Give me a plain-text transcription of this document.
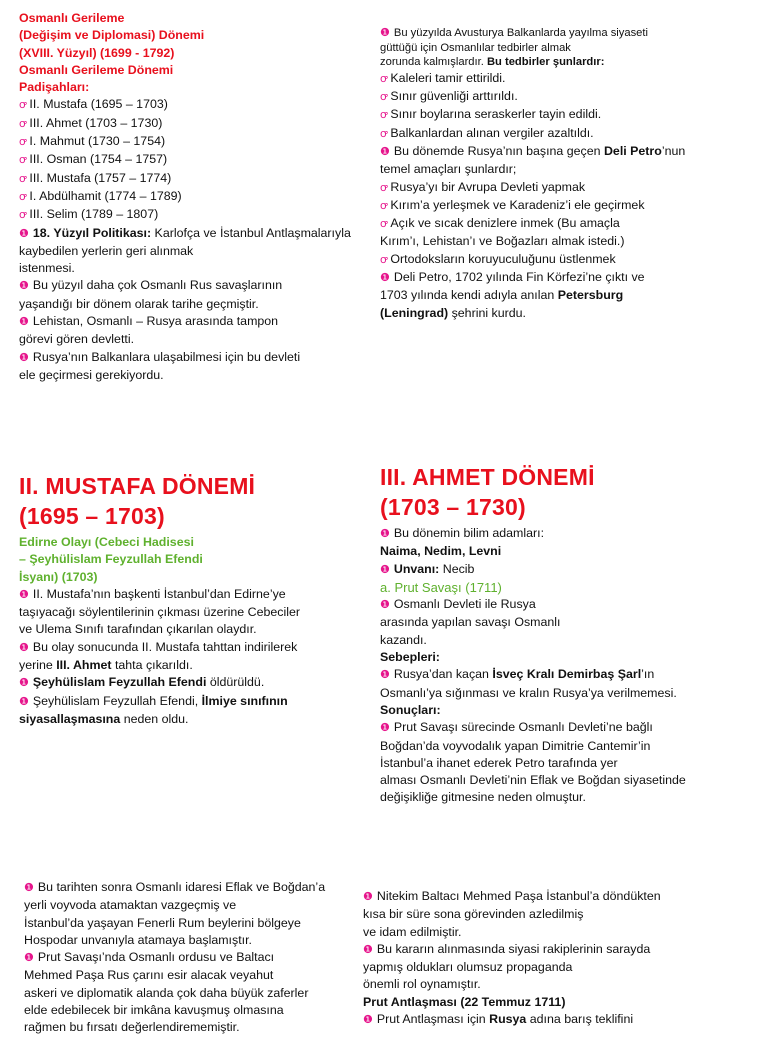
Osmanlı Gerileme
(Değişim ve Diplomasi) Dönemi
(XVIII. Yüzyıl) (1699 - 1792)
Osmanlı Gerileme Dönemi
Padişahları:
ꝍ II. Mustafa (1695 – 1703)
ꝍ III. Ahmet (1703 – 1730)
ꝍ I. Mahmut (1730 – 1754)
ꝍ III. Osman (1754 – 1757)
ꝍ III. Mustafa (1757 – 1774)
ꝍ I. Abdülhamit (1774 – 1789)
ꝍ III. Selim (1789 – 1807)
❶ 18. Yüzyıl Politikası: Karlofça ve İstanbul Antlaşmalarıyla
kaybedilen yerlerin geri alınmak
istenmesi.
❶ Bu yüzyıl daha çok Osmanlı Rus savaşlarının
yaşandığı bir dönem olarak tarihe geçmiştir.
❶ Lehistan, Osmanlı – Rusya arasında tampon
görevi gören devletti.
❶ Rusya’nın Balkanlara ulaşabilmesi için bu devleti
ele geçirmesi gerekiyordu.
❶ Bu yüzyılda Avusturya Balkanlarda yayılma siyaseti
güttüğü için Osmanlılar tedbirler almak
zorunda kalmışlardır. Bu tedbirler şunlardır:
ꝍ Kaleleri tamir ettirildi.
ꝍ Sınır güvenliği arttırıldı.
ꝍ Sınır boylarına seraskerler tayin edildi.
ꝍ Balkanlardan alınan vergiler azaltıldı.
❶ Bu dönemde Rusya’nın başına geçen Deli Petro’nun
temel amaçları şunlardır;
ꝍ Rusya’yı bir Avrupa Devleti yapmak
ꝍ Kırım’a yerleşmek ve Karadeniz’i ele geçirmek
ꝍ Açık ve sıcak denizlere inmek (Bu amaçla
Kırım’ı, Lehistan’ı ve Boğazları almak istedi.)
ꝍ Ortodoksların koruyuculuğunu üstlenmek
❶ Deli Petro, 1702 yılında Fin Körfezi’ne çıktı ve
1703 yılında kendi adıyla anılan Petersburg
(Leningrad) şehrini kurdu.
II. MUSTAFA DÖNEMİ
(1695 – 1703)
Edirne Olayı (Cebeci Hadisesi
– Şeyhülislam Feyzullah Efendi
İsyanı) (1703)
❶ II. Mustafa’nın başkenti İstanbul’dan Edirne’ye
taşıyacağı söylentilerinin çıkması üzerine Cebeciler
ve Ulema Sınıfı tarafından çıkarılan olaydır.
❶ Bu olay sonucunda II. Mustafa tahttan indirilerek
yerine III. Ahmet tahta çıkarıldı.
❶ Şeyhülislam Feyzullah Efendi öldürüldü.
❶ Şeyhülislam Feyzullah Efendi, İlmiye sınıfının
siyasallaşmasına neden oldu.
III. AHMET DÖNEMİ
(1703 – 1730)
❶ Bu dönemin bilim adamları:
Naima, Nedim, Levni
❶ Unvanı: Necib
a. Prut Savaşı (1711)
❶ Osmanlı Devleti ile Rusya
arasında yapılan savaşı Osmanlı
kazandı.
Sebepleri:
❶ Rusya’dan kaçan İsveç Kralı Demirbaş Şarl’ın
Osmanlı’ya sığınması ve kralın Rusya’ya verilmemesi.
Sonuçları:
❶ Prut Savaşı sürecinde Osmanlı Devleti’ne bağlı
Boğdan’da voyvodalık yapan Dimitrie Cantemir’in
İstanbul’a ihanet ederek Petro tarafında yer
alması Osmanlı Devleti’nin Eflak ve Boğdan siyasetinde
değişikliğe gitmesine neden olmuştur.
❶ Bu tarihten sonra Osmanlı idaresi Eflak ve Boğdan’a
yerli voyvoda atamaktan vazgeçmiş ve
İstanbul’da yaşayan Fenerli Rum beylerini bölgeye
Hospodar unvanıyla atamaya başlamıştır.
❶ Prut Savaşı’nda Osmanlı ordusu ve Baltacı
Mehmed Paşa Rus çarını esir alacak veyahut
askeri ve diplomatik alanda çok daha büyük zaferler
elde edebilecek bir imkâna kavuşmuş olmasına
rağmen bu fırsatı değerlendirememiştir.
❶ Nitekim Baltacı Mehmed Paşa İstanbul’a döndükten
kısa bir süre sona görevinden azledilmiş
ve idam edilmiştir.
❶ Bu kararın alınmasında siyasi rakiplerinin sarayda
yapmış oldukları olumsuz propaganda
önemli rol oynamıştır.
Prut Antlaşması (22 Temmuz 1711)
❶ Prut Antlaşması için Rusya adına barış teklifini
